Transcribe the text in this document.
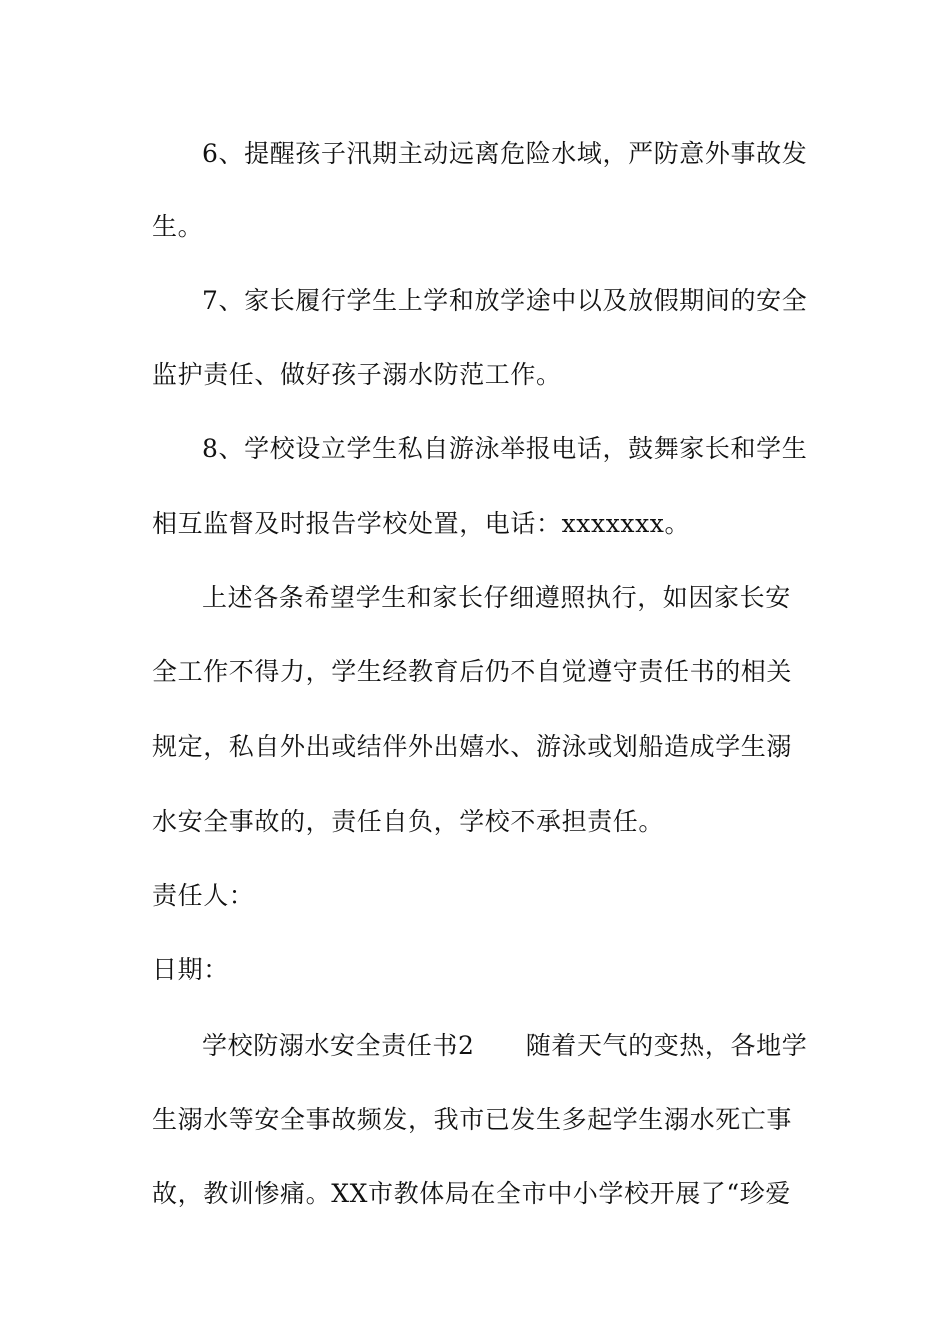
6、提醒孩子汛期主动远离危险水域，严防意外事故发
生。
7、家长履行学生上学和放学途中以及放假期间的安全
监护责任、做好孩子溺水防范工作。
8、学校设立学生私自游泳举报电话，鼓舞家长和学生
相互监督及时报告学校处置，电话：xxxxxxx。
上述各条希望学生和家长仔细遵照执行，如因家长安
全工作不得力，学生经教育后仍不自觉遵守责任书的相关
规定，私自外出或结伴外出嬉水、游泳或划船造成学生溺
水安全事故的，责任自负，学校不承担责任。
责任人：
日期：
学校防溺水安全责任书2　　随着天气的变热，各地学
生溺水等安全事故频发，我市已发生多起学生溺水死亡事
故，教训惨痛。XX市教体局在全市中小学校开展了“珍爱
